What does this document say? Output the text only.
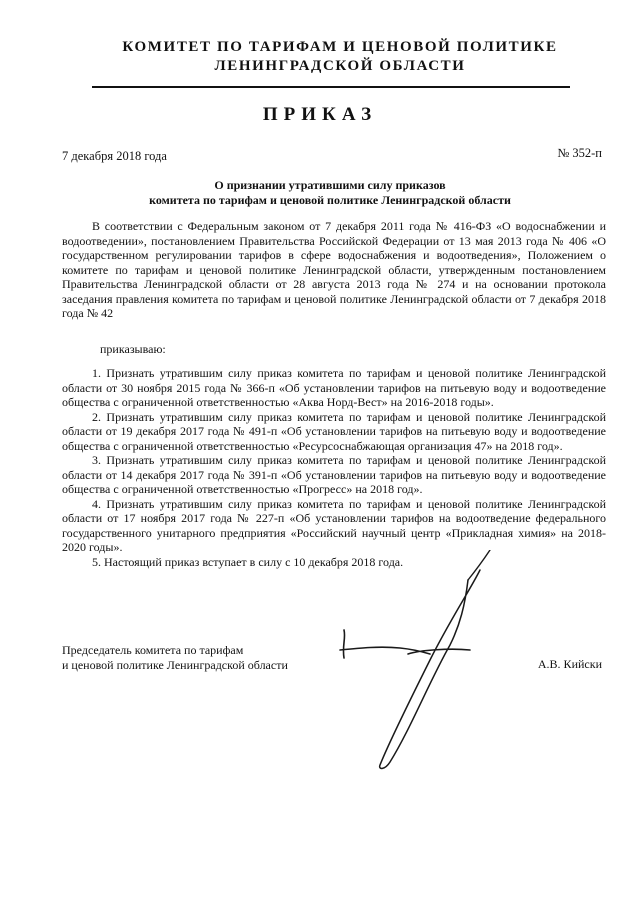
КОМИТЕТ ПО ТАРИФАМ И ЦЕНОВОЙ ПОЛИТИКЕ
ЛЕНИНГРАДСКОЙ ОБЛАСТИ
ПРИКАЗ
7 декабря 2018 года	№ 352-п
О признании утратившими силу приказов
комитета по тарифам и ценовой политике Ленинградской области
В соответствии с Федеральным законом от 7 декабря 2011 года № 416-ФЗ «О водоснабжении и водоотведении», постановлением Правительства Российской Федерации от 13 мая 2013 года № 406 «О государственном регулировании тарифов в сфере водоснабжения и водоотведения», Положением о комитете по тарифам и ценовой политике Ленинградской области, утвержденным постановлением Правительства Ленинградской области от 28 августа 2013 года № 274 и на основании протокола заседания правления комитета по тарифам и ценовой политике Ленинградской области от 7 декабря 2018 года № 42
приказываю:

1. Признать утратившим силу приказ комитета по тарифам и ценовой политике Ленинградской области от 30 ноября 2015 года № 366-п «Об установлении тарифов на питьевую воду и водоотведение общества с ограниченной ответственностью «Аква Норд-Вест» на 2016-2018 годы».

2. Признать утратившим силу приказ комитета по тарифам и ценовой политике Ленинградской области от 19 декабря 2017 года № 491-п «Об установлении тарифов на питьевую воду и водоотведение общества с ограниченной ответственностью «Ресурсоснабжающая организация 47» на 2018 год».

3. Признать утратившим силу приказ комитета по тарифам и ценовой политике Ленинградской области от 14 декабря 2017 года № 391-п «Об установлении тарифов на питьевую воду и водоотведение общества с ограниченной ответственностью «Прогресс» на 2018 год».

4. Признать утратившим силу приказ комитета по тарифам и ценовой политике Ленинградской области от 17 ноября 2017 года № 227-п «Об установлении тарифов на водоотведение федерального государственного унитарного предприятия «Российский научный центр «Прикладная химия» на 2018-2020 годы».

5. Настоящий приказ вступает в силу с 10 декабря 2018 года.

Председатель комитета по тарифам
и ценовой политике Ленинградской области	А.В. Кийски
